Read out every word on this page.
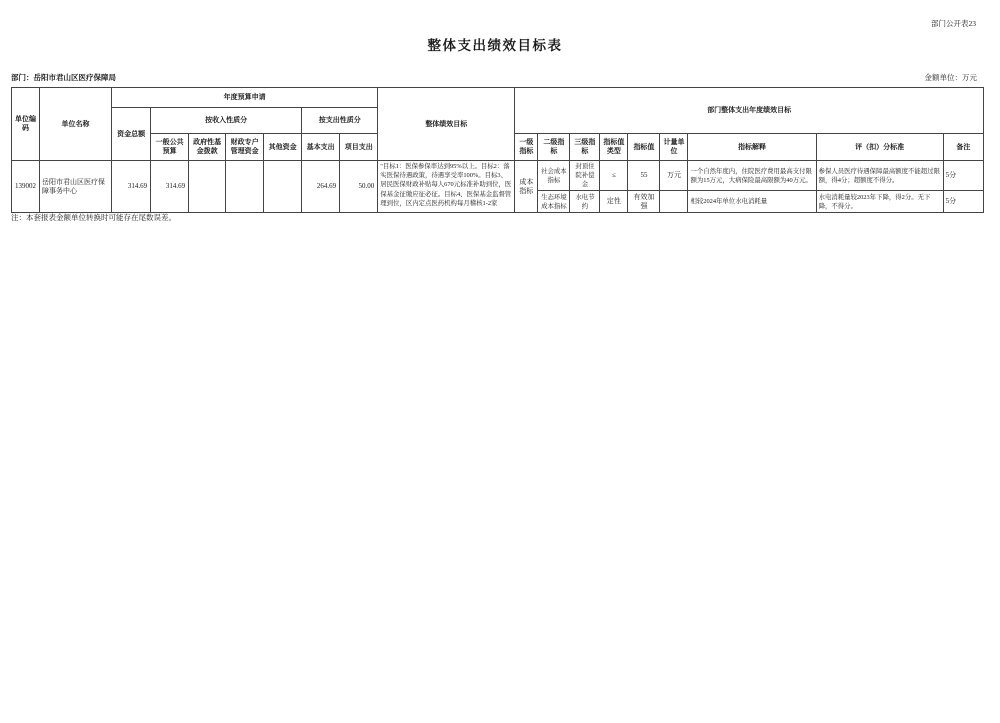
部门公开表23
整体支出绩效目标表
部门：岳阳市君山区医疗保障局	金额单位：万元
单位编码	单位名称	年度预算申请							整体绩效目标	部门整体支出年度绩效目标								
		资金总额	按收入性质分				按支出性质分											
			一般公共预算	政府性基金拨款	财政专户管理资金	其他资金	基本支出	项目支出		一级指标	二级指标	三级指标	指标值类型	指标值	计量单位	指标解释	评（扣）分标准	备注
139002	岳阳市君山区医疗保障事务中心	314.69	314.69				264.69	50.00	"目标1：医保参保率达到95%以上。目标2：落实医保待遇政策，待遇享受率100%。目标3、居民医保财政补贴每人670元标准补助到位，医保基金征缴应征必征。目标4、医保基金监督管理到位，区内定点医药机构每月稽核1-2家	成本指标	社会成本指标	封顶住院补偿金	≤	55	万元	一个自然年度内，住院医疗费用最高支付限额为15万元，大病保险最高限额为40万元。	参保人员医疗待遇保障最高额度不能超过限额，得4分；超额度不得分。	5分
											生态环境成本指标	水电节约	定性	有效加强		相较2024年单位水电消耗量	水电消耗量较2023年下降，得2分。无下降，不得分。	5分
注：本套报表金额单位转换时可能存在尾数误差。
